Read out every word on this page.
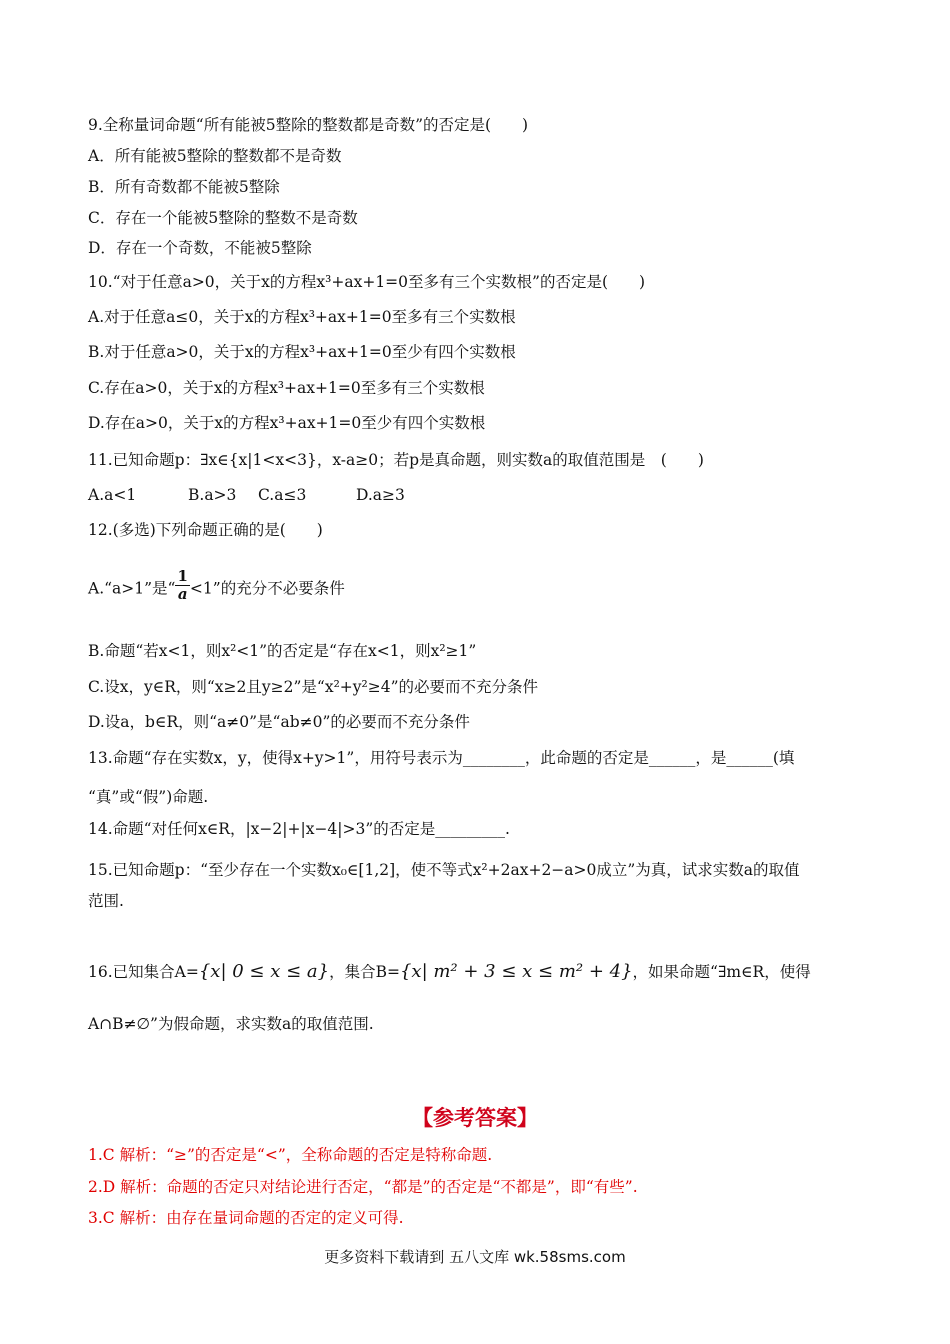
9.全称量词命题“所有能被5整除的整数都是奇数”的否定是(　　)
A．所有能被5整除的整数都不是奇数
B．所有奇数都不能被5整除
C．存在一个能被5整除的整数不是奇数
D．存在一个奇数，不能被5整除
10.“对于任意a>0，关于x的方程x³+ax+1=0至多有三个实数根”的否定是(　　)
A.对于任意a≤0，关于x的方程x³+ax+1=0至多有三个实数根
B.对于任意a>0，关于x的方程x³+ax+1=0至少有四个实数根
C.存在a>0，关于x的方程x³+ax+1=0至多有三个实数根
D.存在a>0，关于x的方程x³+ax+1=0至少有四个实数根
11.已知命题p：∃x∈{x|1<x<3}，x-a≥0；若p是真命题，则实数a的取值范围是　(　　)
A.a<1	B.a>3 C.a≤3	D.a≥3
12.(多选)下列命题正确的是(　　)
A.“a>1”是“ $\frac{1}{a} <1$”的充分不必要条件
B.命题“若x<1，则x²<1”的否定是“存在x<1，则x²≥1”
C.设x，y∈R，则“x≥2且y≥2”是“x²+y²≥4”的必要而不充分条件
D.设a，b∈R，则“a≠0”是“ab≠0”的必要而不充分条件
13.命题“存在实数x，y，使得x+y>1”，用符号表示为________，此命题的否定是______，是______(填
“真”或“假”)命题.
14.命题“对任何x∈R，|x−2|+|x−4|>3”的否定是_________.
15.已知命题p：“至少存在一个实数x₀∈[1,2]，使不等式x²+2ax+2−a>0成立”为真，试求实数a的取值
范围.
16.已知集合A={x| 0 ≤ x ≤ a}，集合B={x| m² + 3 ≤ x ≤ m² + 4}，如果命题“∃m∈R，使得
A∩B≠∅”为假命题，求实数a的取值范围.
【参考答案】
1.C 解析：“≥”的否定是“<”，全称命题的否定是特称命题.
2.D 解析：命题的否定只对结论进行否定，“都是”的否定是“不都是”，即“有些”.
3.C 解析：由存在量词命题的否定的定义可得.
更多资料下载请到 五八文库 wk.58sms.com
